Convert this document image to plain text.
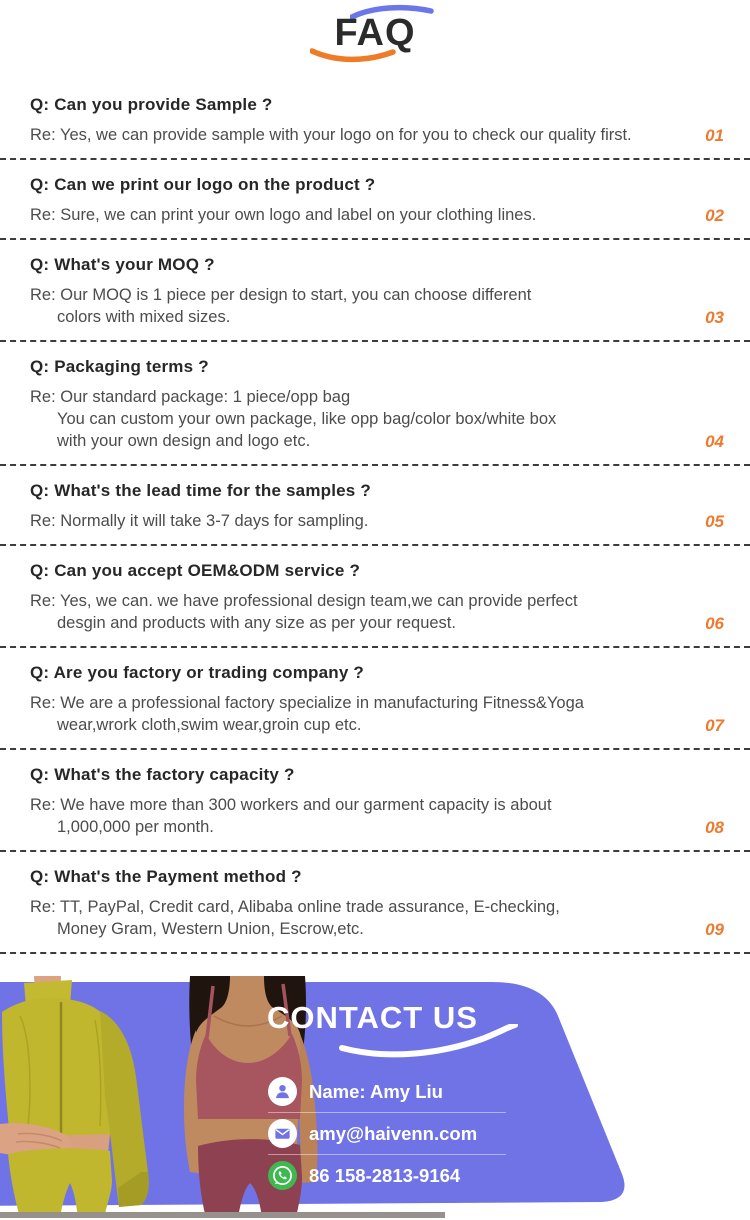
FAQ
Q: Can you provide Sample ?
Re: Yes, we can provide sample with your logo on for you to check our quality first.	01
Q: Can we print our logo on the product ?
Re: Sure, we can print your own logo and label on your clothing lines.	02
Q: What's your MOQ ?
Re: Our MOQ is 1 piece per design to start, you can choose different
colors with mixed sizes.	03
Q: Packaging terms ?
Re: Our standard package: 1 piece/opp bag
You can custom your own package, like opp bag/color box/white box
with your own design and logo etc.	04
Q: What's the lead time for the samples ?
Re: Normally it will take 3-7 days for sampling.	05
Q: Can you accept OEM&ODM service ?
Re: Yes, we can. we have professional design team,we can provide perfect
desgin and products with any size as per your request.	06
Q: Are you factory or trading company ?
Re: We are a professional factory specialize in manufacturing Fitness&Yoga
wear,wrork cloth,swim wear,groin cup etc.	07
Q: What's the factory capacity ?
Re: We have more than 300 workers and our garment capacity is about
1,000,000 per month.	08
Q: What's the Payment method ?
Re: TT, PayPal, Credit card, Alibaba online trade assurance, E-checking,
Money Gram, Western Union, Escrow,etc.	09
CONTACT US
Name: Amy Liu
amy@haivenn.com
86 158-2813-9164
